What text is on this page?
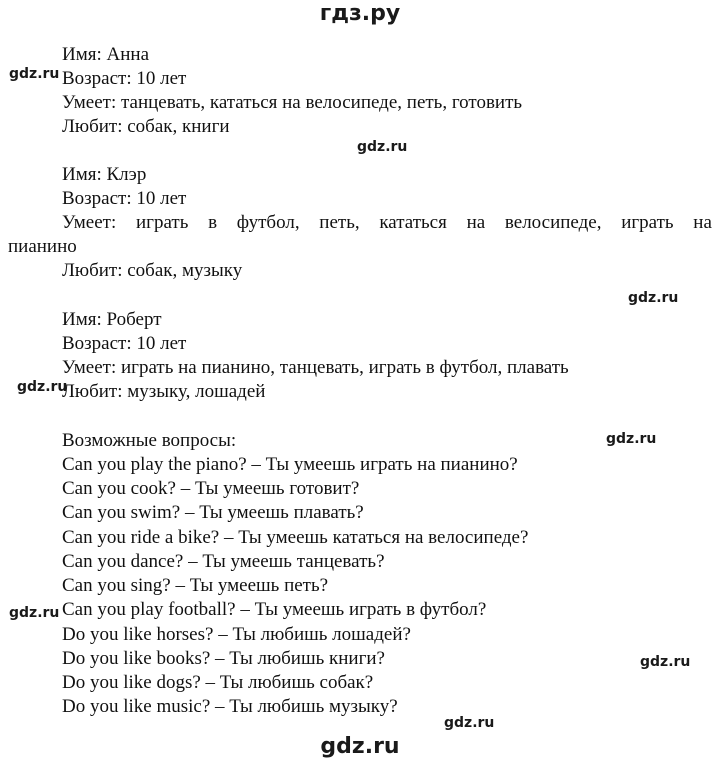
гдз.ру
Имя: Анна
Возраст: 10 лет
Умеет: танцевать, кататься на велосипеде, петь, готовить
Любит: собак, книги
Имя: Клэр
Возраст: 10 лет
Умеет: играть в футбол, петь, кататься на велосипеде, играть на
пианино
Любит: собак, музыку
Имя: Роберт
Возраст: 10 лет
Умеет: играть на пианино, танцевать, играть в футбол, плавать
Любит: музыку, лошадей
Возможные вопросы:
Can you play the piano? – Ты умеешь играть на пианино?
Can you cook? – Ты умеешь готовит?
Can you swim? – Ты умеешь плавать?
Can you ride a bike? – Ты умеешь кататься на велосипеде?
Can you dance? – Ты умеешь танцевать?
Can you sing? – Ты умеешь петь?
Can you play football? – Ты умеешь играть в футбол?
Do you like horses? – Ты любишь лошадей?
Do you like books? – Ты любишь книги?
Do you like dogs? – Ты любишь собак?
Do you like music? – Ты любишь музыку?
gdz.ru
gdz.ru
gdz.ru
gdz.ru
gdz.ru
gdz.ru
gdz.ru
gdz.ru
gdz.ru
